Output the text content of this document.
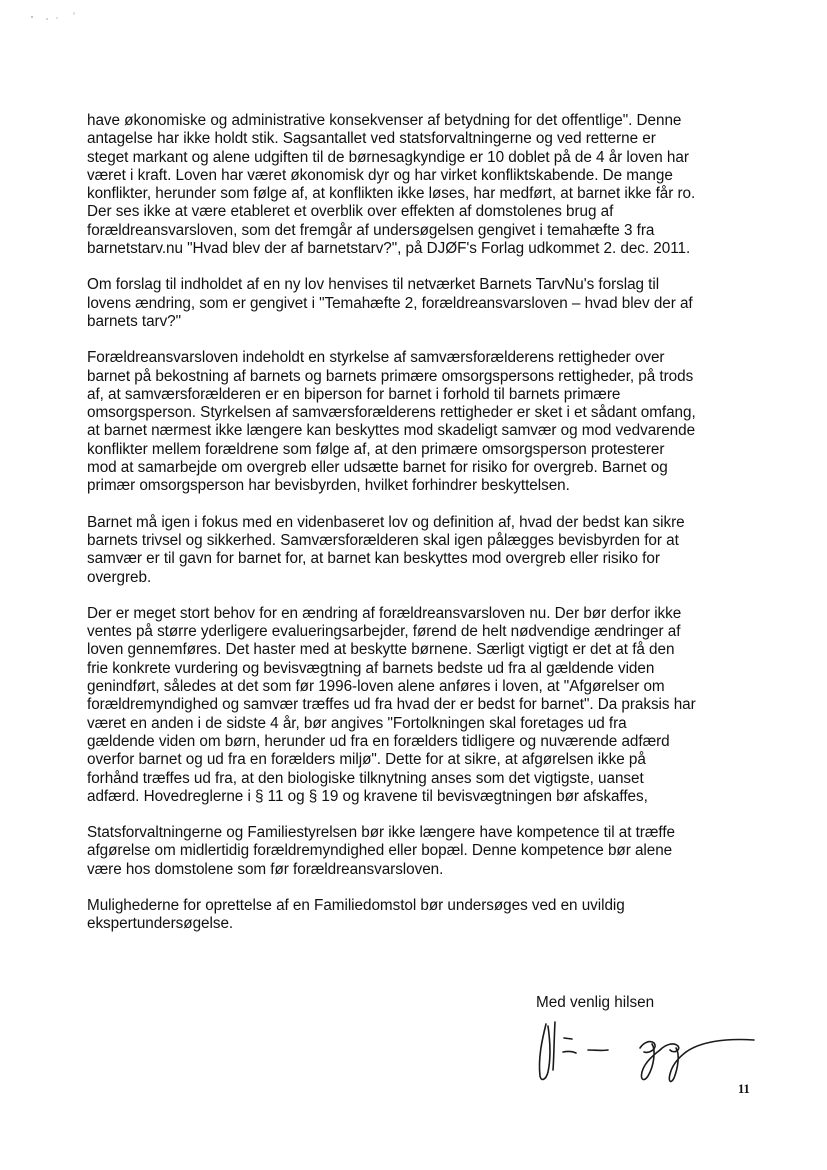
have økonomiske og administrative konsekvenser af betydning for det offentlige". Denne
antagelse har ikke holdt stik. Sagsantallet ved statsforvaltningerne og ved retterne er
steget markant og alene udgiften til de børnesagkyndige er 10 doblet på de 4 år loven har
været i kraft. Loven har været økonomisk dyr og har virket konfliktskabende. De mange
konflikter, herunder som følge af, at konflikten ikke løses, har medført, at barnet ikke får ro.
Der ses ikke at være etableret et overblik over effekten af domstolenes brug af
forældreansvarsloven, som det fremgår af undersøgelsen gengivet i temahæfte 3 fra
barnetstarv.nu "Hvad blev der af barnetstarv?", på DJØF's Forlag udkommet 2. dec. 2011.

Om forslag til indholdet af en ny lov henvises til netværket Barnets TarvNu's forslag til
lovens ændring, som er gengivet i "Temahæfte 2, forældreansvarsloven – hvad blev der af
barnets tarv?"

Forældreansvarsloven indeholdt en styrkelse af samværsforælderens rettigheder over
barnet på bekostning af barnets og barnets primære omsorgspersons rettigheder, på trods
af, at samværsforælderen er en biperson for barnet i forhold til barnets primære
omsorgsperson. Styrkelsen af samværsforælderens rettigheder er sket i et sådant omfang,
at barnet nærmest ikke længere kan beskyttes mod skadeligt samvær og mod vedvarende
konflikter mellem forældrene som følge af, at den primære omsorgsperson protesterer
mod at samarbejde om overgreb eller udsætte barnet for risiko for overgreb. Barnet og
primær omsorgsperson har bevisbyrden, hvilket forhindrer beskyttelsen.

Barnet må igen i fokus med en videnbaseret lov og definition af, hvad der bedst kan sikre
barnets trivsel og sikkerhed. Samværsforælderen skal igen pålægges bevisbyrden for at
samvær er til gavn for barnet for, at barnet kan beskyttes mod overgreb eller risiko for
overgreb.

Der er meget stort behov for en ændring af forældreansvarsloven nu. Der bør derfor ikke
ventes på større yderligere evalueringsarbejder, førend de helt nødvendige ændringer af
loven gennemføres. Det haster med at beskytte børnene. Særligt vigtigt er det at få den
frie konkrete vurdering og bevisvægtning af barnets bedste ud fra al gældende viden
genindført, således at det som før 1996-loven alene anføres i loven, at "Afgørelser om
forældremyndighed og samvær træffes ud fra hvad der er bedst for barnet". Da praksis har
været en anden i de sidste 4 år, bør angives "Fortolkningen skal foretages ud fra
gældende viden om børn, herunder ud fra en forælders tidligere og nuværende adfærd
overfor barnet og ud fra en forælders miljø". Dette for at sikre, at afgørelsen ikke på
forhånd træffes ud fra, at den biologiske tilknytning anses som det vigtigste, uanset
adfærd. Hovedreglerne i § 11 og § 19 og kravene til bevisvægtningen bør afskaffes,

Statsforvaltningerne og Familiestyrelsen bør ikke længere have kompetence til at træffe
afgørelse om midlertidig forældremyndighed eller bopæl. Denne kompetence bør alene
være hos domstolene som før forældreansvarsloven.

Mulighederne for oprettelse af en Familiedomstol bør undersøges ved en uvildig
ekspertundersøgelse.

Med venlig hilsen
11
